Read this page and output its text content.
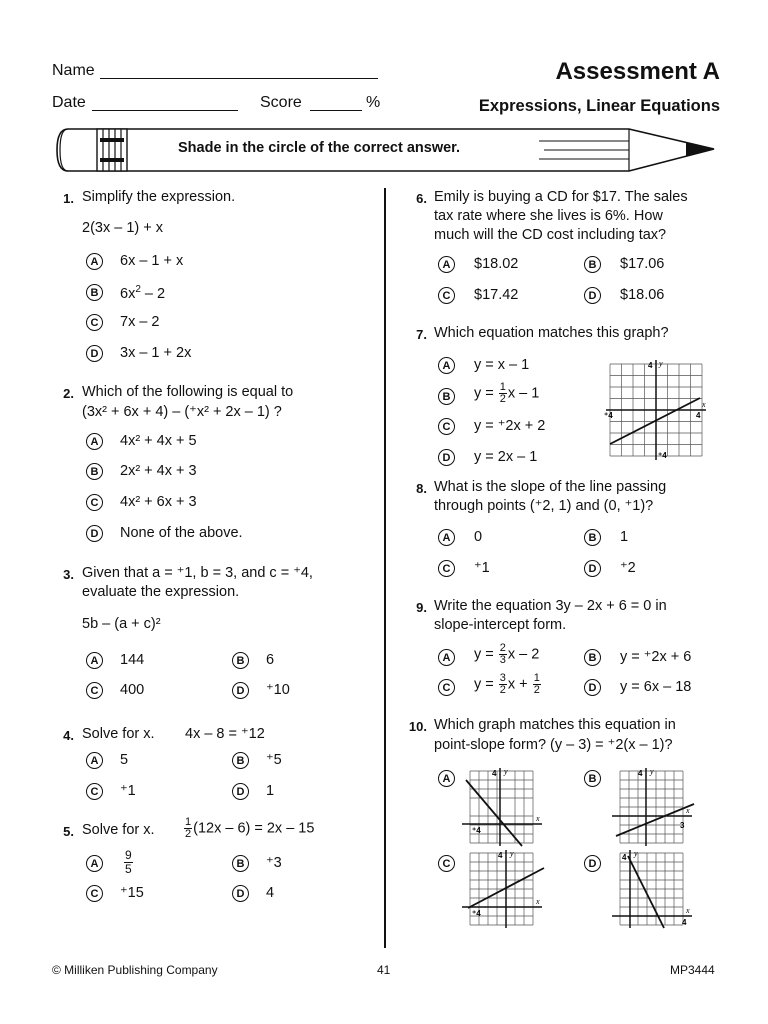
Name
Date	Score	%
Assessment A
Expressions, Linear Equations
Shade in the circle of the correct answer.
1. Simplify the expression.
2(3x – 1) + x
A	6x – 1 + x
B	$6x^2 - 2$
C	7x – 2
D	3x – 1 + 2x
2. Which of the following is equal to
(3x² + 6x + 4) – (⁺x² + 2x – 1) ?
A	4x² + 4x + 5
B	2x² + 4x + 3
C	4x² + 6x + 3
D	None of the above.
3. Given that a = ⁺1, b = 3, and c = ⁺4,
evaluate the expression.
5b – (a + c)²
A	144	B	6
C	400	D	⁺10
4. Solve for x. 4x – 8 = ⁺12
A	5	B	⁺5
C	⁺1	D	1
5. Solve for x.	$\frac{1}{2} (12x - 6) = 2x - 15$
A	$\frac{9}{5}$	B	⁺3
C	⁺15	D	4
6. Emily is buying a CD for $17. The sales
tax rate where she lives is 6%. How
much will the CD cost including tax?
A	$18.02	B	$17.06
C	$17.42	D	$18.06
7. Which equation matches this graph?
A	y = x – 1
B	$y = \frac{1}{2}$ x – 1
C	y = ⁺2x + 2
D	y = 2x – 1
4
⁺4	4
⁺4
y
x
8. What is the slope of the line passing
through points (⁺2, 1) and (0, ⁺1)?
A	0	B	1
C	⁺1	D	⁺2
9. Write the equation 3y – 2x + 6 = 0 in
slope-intercept form.
A	$y = \frac{2}{3}$ x – 2	B	y = ⁺2x + 6
C	$y = \frac{3}{2}$ $x + \frac{1}{2}$	D	y = 6x – 18
10. Which graph matches this equation in
point-slope form? (y – 3) = ⁺2(x – 1)?
A	B
C	D
4
⁺4
y
x
4
3
y
x
4
⁺4
y
x
4
4
y
x
© Milliken Publishing Company	41	MP3444
